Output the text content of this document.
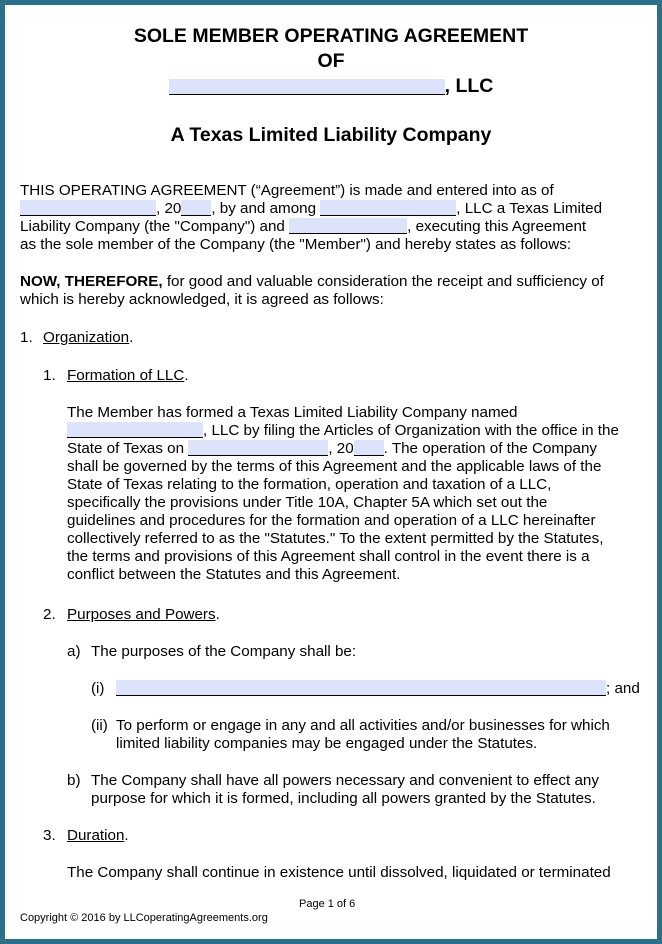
SOLE MEMBER OPERATING AGREEMENT
OF
, LLC
A Texas Limited Liability Company
THIS OPERATING AGREEMENT (“Agreement”) is made and entered into as of
, 20 , by and among	, LLC a Texas Limited
Liability Company (the "Company") and	, executing this Agreement
as the sole member of the Company (the "Member") and hereby states as follows:
NOW, THEREFORE, for good and valuable consideration the receipt and sufficiency of
which is hereby acknowledged, it is agreed as follows:
1. Organization.
1. Formation of LLC.
The Member has formed a Texas Limited Liability Company named
, LLC by filing the Articles of Organization with the office in the
State of Texas on	, 20 . The operation of the Company
shall be governed by the terms of this Agreement and the applicable laws of the
State of Texas relating to the formation, operation and taxation of a LLC,
specifically the provisions under Title 10A, Chapter 5A which set out the
guidelines and procedures for the formation and operation of a LLC hereinafter
collectively referred to as the "Statutes." To the extent permitted by the Statutes,
the terms and provisions of this Agreement shall control in the event there is a
conflict between the Statutes and this Agreement.
2. Purposes and Powers.
a) The purposes of the Company shall be:
(i)	; and
(ii) To perform or engage in any and all activities and/or businesses for which
limited liability companies may be engaged under the Statutes.
b) The Company shall have all powers necessary and convenient to effect any
purpose for which it is formed, including all powers granted by the Statutes.
3. Duration.
The Company shall continue in existence until dissolved, liquidated or terminated
Page 1 of 6
Copyright © 2016 by LLCoperatingAgreements.org
